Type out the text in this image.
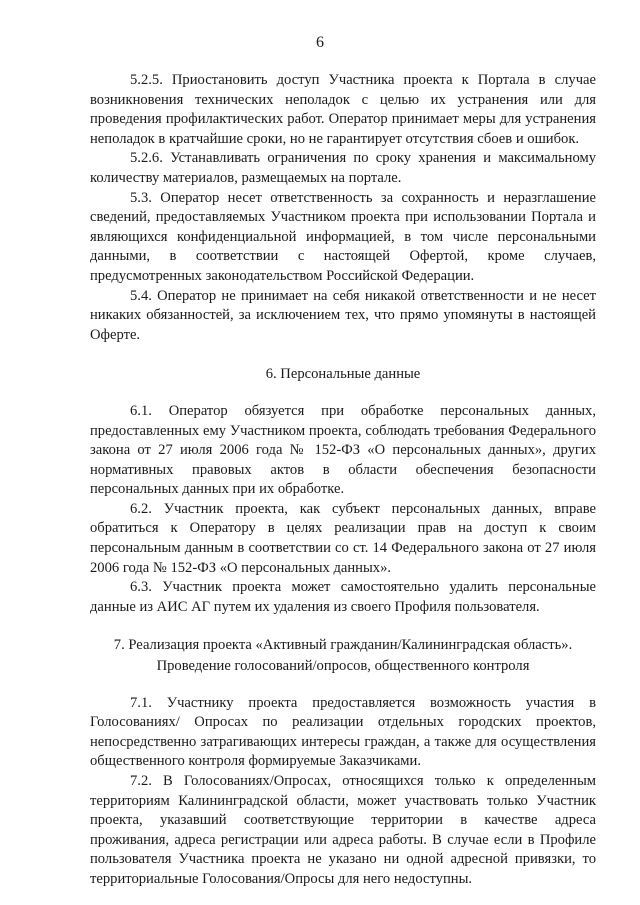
6

5.2.5. Приостановить доступ Участника проекта к Портала в случае возникновения технических неполадок с целью их устранения или для проведения профилактических работ. Оператор принимает меры для устранения неполадок в кратчайшие сроки, но не гарантирует отсутствия сбоев и ошибок.

5.2.6. Устанавливать ограничения по сроку хранения и максимальному количеству материалов, размещаемых на портале.

5.3. Оператор несет ответственность за сохранность и неразглашение сведений, предоставляемых Участником проекта при использовании Портала и являющихся конфиденциальной информацией, в том числе персональными данными, в соответствии с настоящей Офертой, кроме случаев, предусмотренных законодательством Российской Федерации.

5.4. Оператор не принимает на себя никакой ответственности и не несет никаких обязанностей, за исключением тех, что прямо упомянуты в настоящей Оферте.

6. Персональные данные

6.1. Оператор обязуется при обработке персональных данных, предоставленных ему Участником проекта, соблюдать требования Федерального закона от 27 июля 2006 года № 152-ФЗ «О персональных данных», других нормативных правовых актов в области обеспечения безопасности персональных данных при их обработке.

6.2. Участник проекта, как субъект персональных данных, вправе обратиться к Оператору в целях реализации прав на доступ к своим персональным данным в соответствии со ст. 14 Федерального закона от 27 июля 2006 года № 152-ФЗ «О персональных данных».

6.3. Участник проекта может самостоятельно удалить персональные данные из АИС АГ путем их удаления из своего Профиля пользователя.

7. Реализация проекта «Активный гражданин/Калининградская область».

Проведение голосований/опросов, общественного контроля

7.1. Участнику проекта предоставляется возможность участия в Голосованиях/ Опросах по реализации отдельных городских проектов, непосредственно затрагивающих интересы граждан, а также для осуществления общественного контроля формируемые Заказчиками.

7.2. В Голосованиях/Опросах, относящихся только к определенным территориям Калининградской области, может участвовать только Участник проекта, указавший соответствующие территории в качестве адреса проживания, адреса регистрации или адреса работы. В случае если в Профиле пользователя Участника проекта не указано ни одной адресной привязки, то территориальные Голосования/Опросы для него недоступны.
